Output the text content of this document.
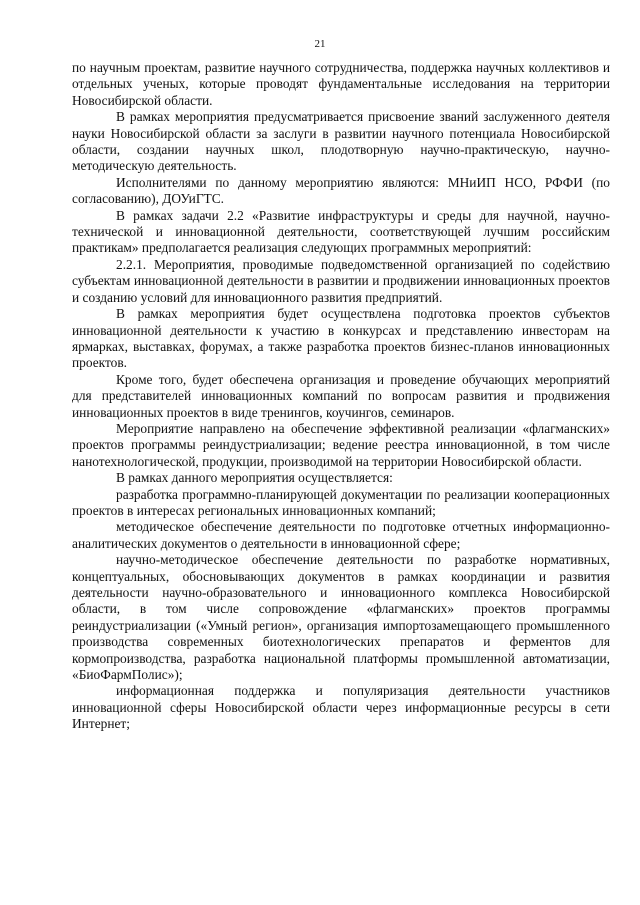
21

по научным проектам, развитие научного сотрудничества, поддержка научных коллективов и отдельных ученых, которые проводят фундаментальные исследования на территории Новосибирской области.

В рамках мероприятия предусматривается присвоение званий заслуженного деятеля науки Новосибирской области за заслуги в развитии научного потенциала Новосибирской области, создании научных школ, плодотворную научно-практическую, научно-методическую деятельность.

Исполнителями по данному мероприятию являются: МНиИП НСО, РФФИ (по согласованию), ДОУиГТС.

В рамках задачи 2.2 «Развитие инфраструктуры и среды для научной, научно-технической и инновационной деятельности, соответствующей лучшим российским практикам» предполагается реализация следующих программных мероприятий:

2.2.1. Мероприятия, проводимые подведомственной организацией по содействию субъектам инновационной деятельности в развитии и продвижении инновационных проектов и созданию условий для инновационного развития предприятий.

В рамках мероприятия будет осуществлена подготовка проектов субъектов инновационной деятельности к участию в конкурсах и представлению инвесторам на ярмарках, выставках, форумах, а также разработка проектов бизнес-планов инновационных проектов.

Кроме того, будет обеспечена организация и проведение обучающих мероприятий для представителей инновационных компаний по вопросам развития и продвижения инновационных проектов в виде тренингов, коучингов, семинаров.

Мероприятие направлено на обеспечение эффективной реализации «флагманских» проектов программы реиндустриализации; ведение реестра инновационной, в том числе нанотехнологической, продукции, производимой на территории Новосибирской области.

В рамках данного мероприятия осуществляется:

разработка программно-планирующей документации по реализации кооперационных проектов в интересах региональных инновационных компаний;

методическое обеспечение деятельности по подготовке отчетных информационно-аналитических документов о деятельности в инновационной сфере;

научно-методическое обеспечение деятельности по разработке нормативных, концептуальных, обосновывающих документов в рамках координации и развития деятельности научно-образовательного и инновационного комплекса Новосибирской области, в том числе сопровождение «флагманских» проектов программы реиндустриализации («Умный регион», организация импортозамещающего промышленного производства современных биотехнологических препаратов и ферментов для кормопроизводства, разработка национальной платформы промышленной автоматизации, «БиоФармПолис»);

информационная поддержка и популяризация деятельности участников инновационной сферы Новосибирской области через информационные ресурсы в сети Интернет;
